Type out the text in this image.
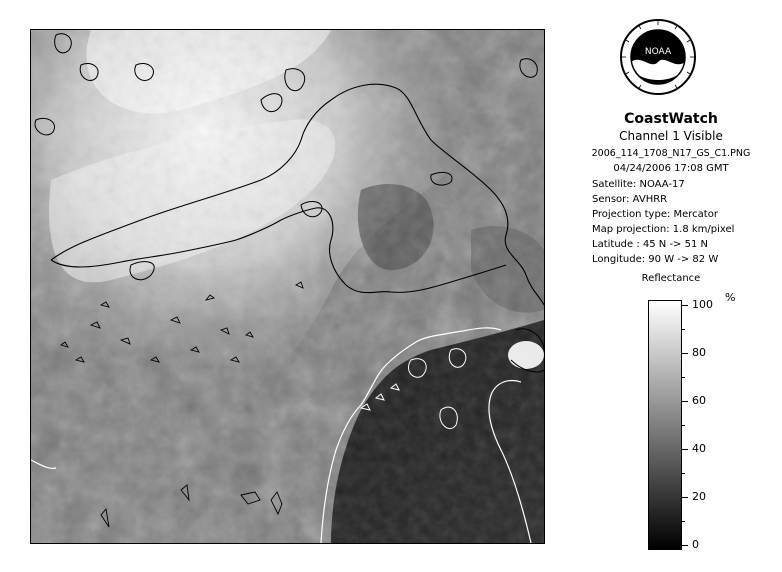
NOAA
CoastWatch
Channel 1 Visible
2006_114_1708_N17_GS_C1.PNG
04/24/2006 17:08 GMT
Satellite: NOAA-17
Sensor: AVHRR
Projection type: Mercator
Map projection: 1.8 km/pixel
Latitude : 45 N -> 51 N
Longitude: 90 W -> 82 W
Reflectance
%
100
80
60
40
20
0
